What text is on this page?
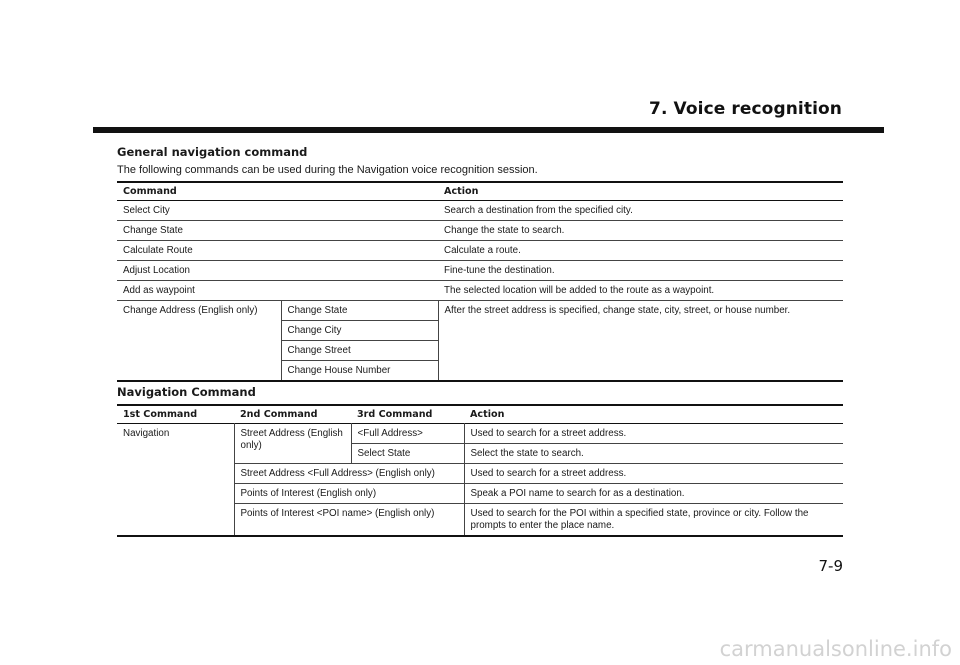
7. Voice recognition
General navigation command
The following commands can be used during the Navigation voice recognition session.
Command		Action
Select City		Search a destination from the specified city.
Change State		Change the state to search.
Calculate Route		Calculate a route.
Adjust Location		Fine-tune the destination.
Add as waypoint		The selected location will be added to the route as a waypoint.
Change Address (English only)	Change State	After the street address is specified, change state, city, street, or house number.
	Change City	
	Change Street	
	Change House Number	
Navigation Command
1st Command	2nd Command	3rd Command	Action
Navigation	Street Address (English only)	<Full Address>	Used to search for a street address.
		Select State	Select the state to search.
	Street Address <Full Address> (English only)		Used to search for a street address.
	Points of Interest (English only)		Speak a POI name to search for as a destination.
	Points of Interest <POI name> (English only)		Used to search for the POI within a specified state, province or city. Follow the prompts to enter the place name.
7-9
carmanualsonline.info
